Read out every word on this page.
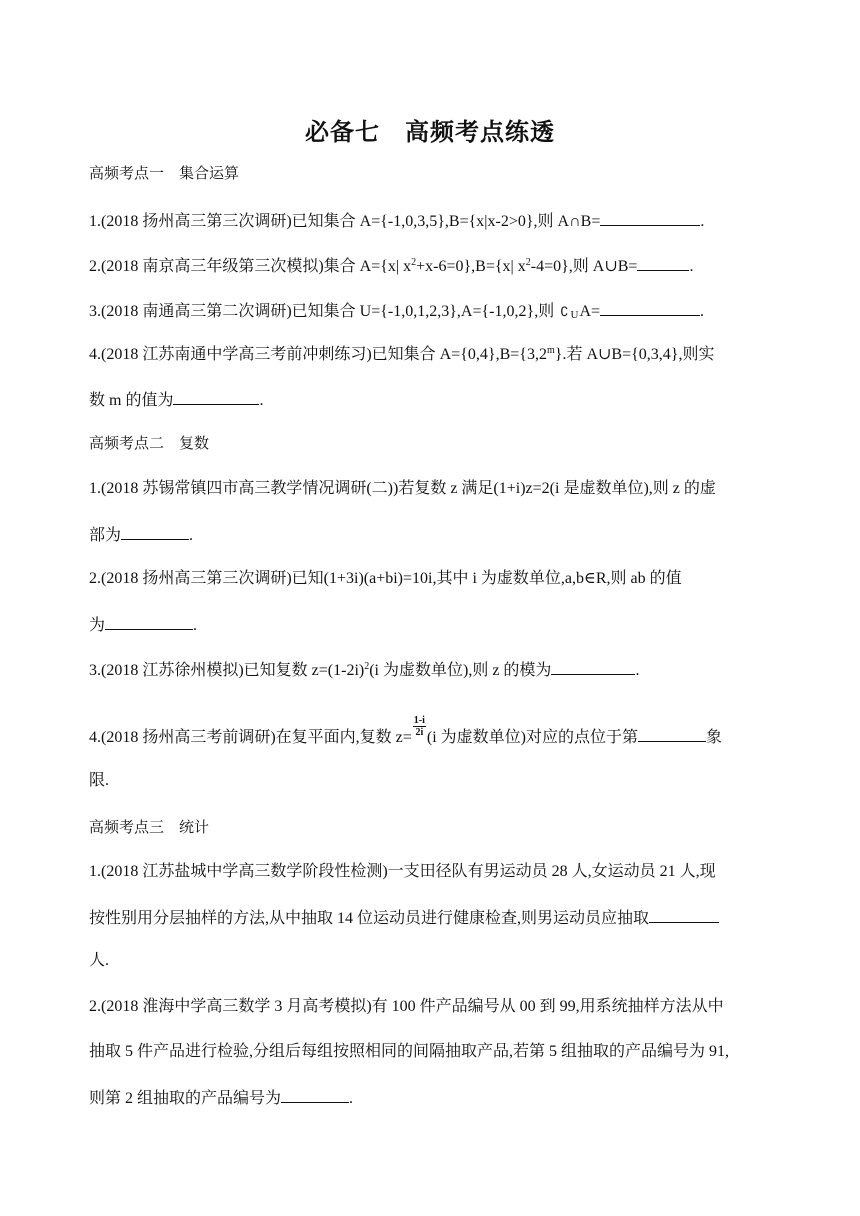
必备七　高频考点练透
高频考点一　集合运算
1.(2018 扬州高三第三次调研)已知集合 A={-1,0,3,5},B={x|x-2>0},则 A∩B=	.
2.(2018 南京高三年级第三次模拟)集合 A={x| $x^2+x-6=0\},B=\{x|$ $x^2-4=0$},则 A∪B=	.
3.(2018 南通高三第二次调研)已知集合 U={-1,0,1,2,3},A={-1,0,2},则 ∁ UA=	.
4.(2018 江苏南通中学高三考前冲刺练习)已知集合 $A=\{0,4\},B=\{3,2^m\}$.若 A∪B={0,3,4},则实
数 m 的值为	.
高频考点二　复数
1.(2018 苏锡常镇四市高三教学情况调研(二))若复数 z 满足(1+i)z=2(i 是虚数单位),则 z 的虚
部为	.
2.(2018 扬州高三第三次调研)已知(1+3i)(a+bi)=10i,其中 i 为虚数单位,a,b∈R,则 ab 的值
为	.
3.(2018 江苏徐州模拟)已知复数 $z=(1-2i)^2(i$ 为虚数单位),则 z 的模为	.
4.(2018 扬州高三考前调研)在复平面内,复数 $z= \frac{1-i}{2i} (i$ 为虚数单位)对应的点位于第	象
限.
高频考点三　统计
1.(2018 江苏盐城中学高三数学阶段性检测)一支田径队有男运动员 28 人,女运动员 21 人,现
按性别用分层抽样的方法,从中抽取 14 位运动员进行健康检查,则男运动员应抽取
人.
2.(2018 淮海中学高三数学 3 月高考模拟)有 100 件产品编号从 00 到 99,用系统抽样方法从中
抽取 5 件产品进行检验,分组后每组按照相同的间隔抽取产品,若第 5 组抽取的产品编号为 91,
则第 2 组抽取的产品编号为	.
